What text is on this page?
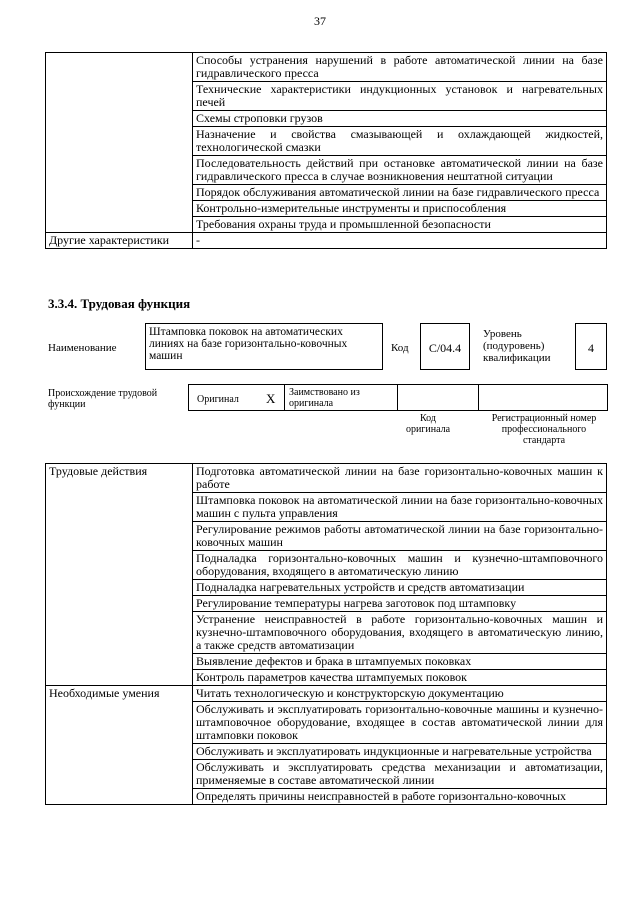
37
	Способы устранения нарушений в работе автоматической линии на базе гидравлического пресса
	Технические характеристики индукционных установок и нагревательных печей
	Схемы строповки грузов
	Назначение и свойства смазывающей и охлаждающей жидкостей, технологической смазки
	Последовательность действий при остановке автоматической линии на базе гидравлического пресса в случае возникновения нештатной ситуации
	Порядок обслуживания автоматической линии на базе гидравлического пресса
	Контрольно-измерительные инструменты и приспособления
	Требования охраны труда и промышленной безопасности
Другие характеристики	-
3.3.4. Трудовая функция
Наименование
Штамповка поковок на автоматических линиях на базе горизонтально-ковочных машин
Код	С/04.4
Уровень (подуровень) квалификации
4
Происхождение трудовой функции	Оригинал X Заимствовано из оригинала
Код оригинала
Регистрационный номер профессионального стандарта
Трудовые действия	Подготовка автоматической линии на базе горизонтально-ковочных машин к работе
	Штамповка поковок на автоматической линии на базе горизонтально-ковочных машин с пульта управления
	Регулирование режимов работы автоматической линии на базе горизонтально-ковочных машин
	Подналадка горизонтально-ковочных машин и кузнечно-штамповочного оборудования, входящего в автоматическую линию
	Подналадка нагревательных устройств и средств автоматизации
	Регулирование температуры нагрева заготовок под штамповку
	Устранение неисправностей в работе горизонтально-ковочных машин и кузнечно-штамповочного оборудования, входящего в автоматическую линию, а также средств автоматизации
	Выявление дефектов и брака в штампуемых поковках
	Контроль параметров качества штампуемых поковок
Необходимые умения	Читать технологическую и конструкторскую документацию
	Обслуживать и эксплуатировать горизонтально-ковочные машины и кузнечно-штамповочное оборудование, входящее в состав автоматической линии для штамповки поковок
	Обслуживать и эксплуатировать индукционные и нагревательные устройства
	Обслуживать и эксплуатировать средства механизации и автоматизации, применяемые в составе автоматической линии
	Определять причины неисправностей в работе горизонтально-ковочных
